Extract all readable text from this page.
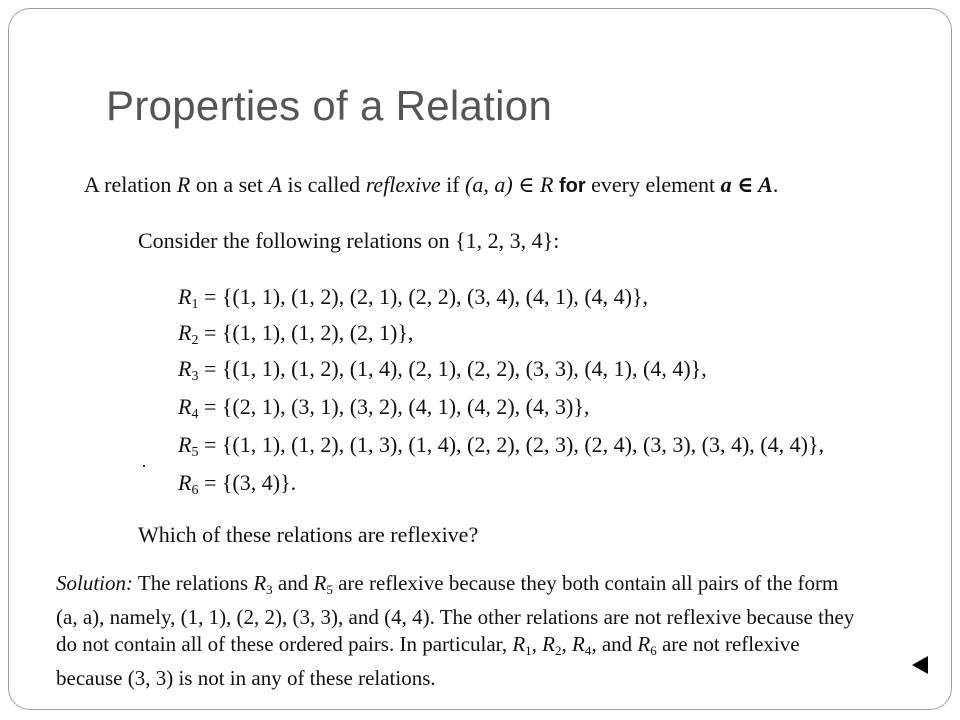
Properties of a Relation
A relation R on a set A is called reflexive if (a, a) ∈ R for every element a ∈ A.
Consider the following relations on {1, 2, 3, 4}:
$R_1 = \{(1$, 1), (1, 2), (2, 1), (2, 2), (3, 4), (4, 1), (4, 4)},
$R_2 = \{(1$, 1), (1, 2), (2, 1)},
$R_3 = \{(1$, 1), (1, 2), (1, 4), (2, 1), (2, 2), (3, 3), (4, 1), (4, 4)},
$R_4 = \{(2$, 1), (3, 1), (3, 2), (4, 1), (4, 2), (4, 3)},
$R_5 = \{(1$, 1), (1, 2), (1, 3), (1, 4), (2, 2), (2, 3), (2, 4), (3, 3), (3, 4), (4, 4)},
$R_6 = \{(3$, 4)}.
Which of these relations are reflexive?
Solution: The relations $R_3$ and $R_5$ are reflexive because they both contain all pairs of the form
(a, a), namely, (1, 1), (2, 2), (3, 3), and (4, 4). The other relations are not reflexive because they
do not contain all of these ordered pairs. In particular, $R_1$, $R_2$, $R_4$, and $R_6$ are not reflexive
because (3, 3) is not in any of these relations.
